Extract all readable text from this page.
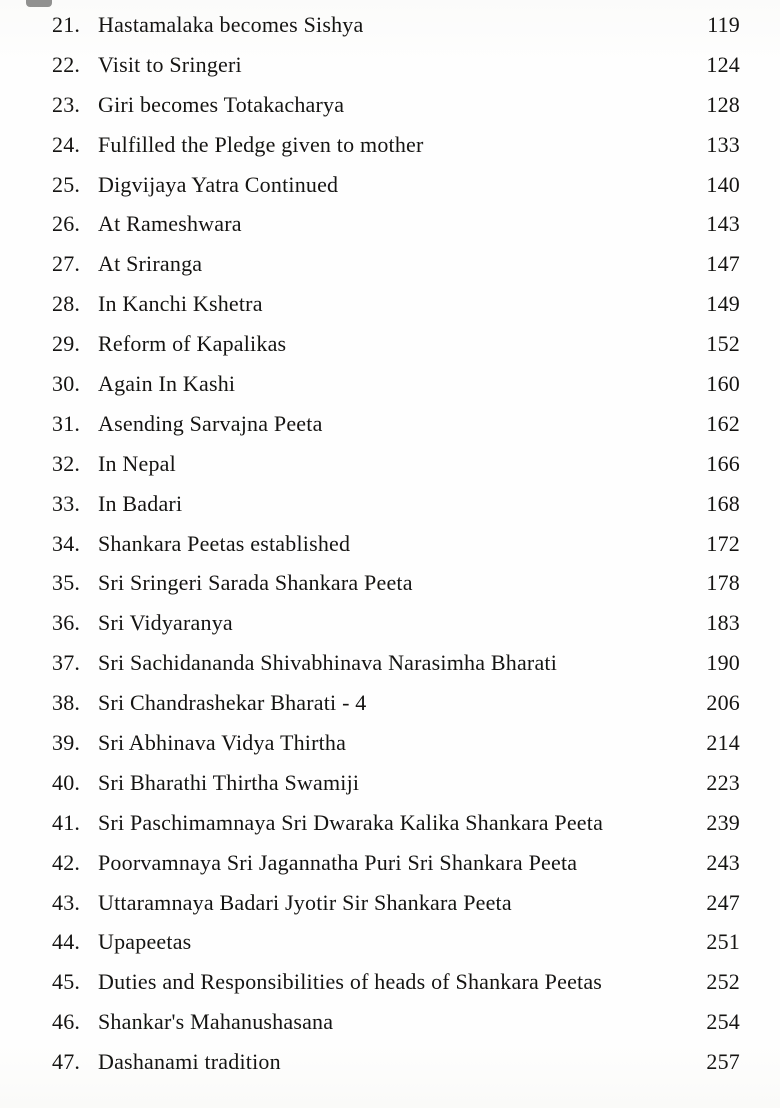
21. Hastamalaka becomes Sishya	119
22. Visit to Sringeri	124
23. Giri becomes Totakacharya	128
24. Fulfilled the Pledge given to mother	133
25. Digvijaya Yatra Continued	140
26. At Rameshwara	143
27. At Sriranga	147
28. In Kanchi Kshetra	149
29. Reform of Kapalikas	152
30. Again In Kashi	160
31. Asending Sarvajna Peeta	162
32. In Nepal	166
33. In Badari	168
34. Shankara Peetas established	172
35. Sri Sringeri Sarada Shankara Peeta	178
36. Sri Vidyaranya	183
37. Sri Sachidananda Shivabhinava Narasimha Bharati	190
38. Sri Chandrashekar Bharati - 4	206
39. Sri Abhinava Vidya Thirtha	214
40. Sri Bharathi Thirtha Swamiji	223
41. Sri Paschimamnaya Sri Dwaraka Kalika Shankara Peeta	239
42. Poorvamnaya Sri Jagannatha Puri Sri Shankara Peeta	243
43. Uttaramnaya Badari Jyotir Sir Shankara Peeta	247
44. Upapeetas	251
45. Duties and Responsibilities of heads of Shankara Peetas	252
46. Shankar's Mahanushasana	254
47. Dashanami tradition	257
